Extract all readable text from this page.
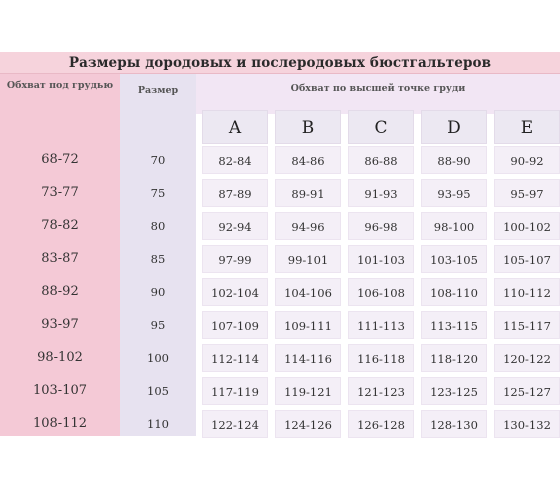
Размеры дородовых и послеродовых бюстгальтеров
Обхват под грудью	Размер	Обхват по высшей точке груди
A	B	C	D	E
68-72	70	82-84	84-86	86-88	88-90	90-92
73-77	75	87-89	89-91	91-93	93-95	95-97
78-82	80	92-94	94-96	96-98	98-100	100-102
83-87	85	97-99	99-101	101-103	103-105	105-107
88-92	90	102-104	104-106	106-108	108-110	110-112
93-97	95	107-109	109-111	111-113	113-115	115-117
98-102	100	112-114	114-116	116-118	118-120	120-122
103-107	105	117-119	119-121	121-123	123-125	125-127
108-112	110	122-124	124-126	126-128	128-130	130-132
